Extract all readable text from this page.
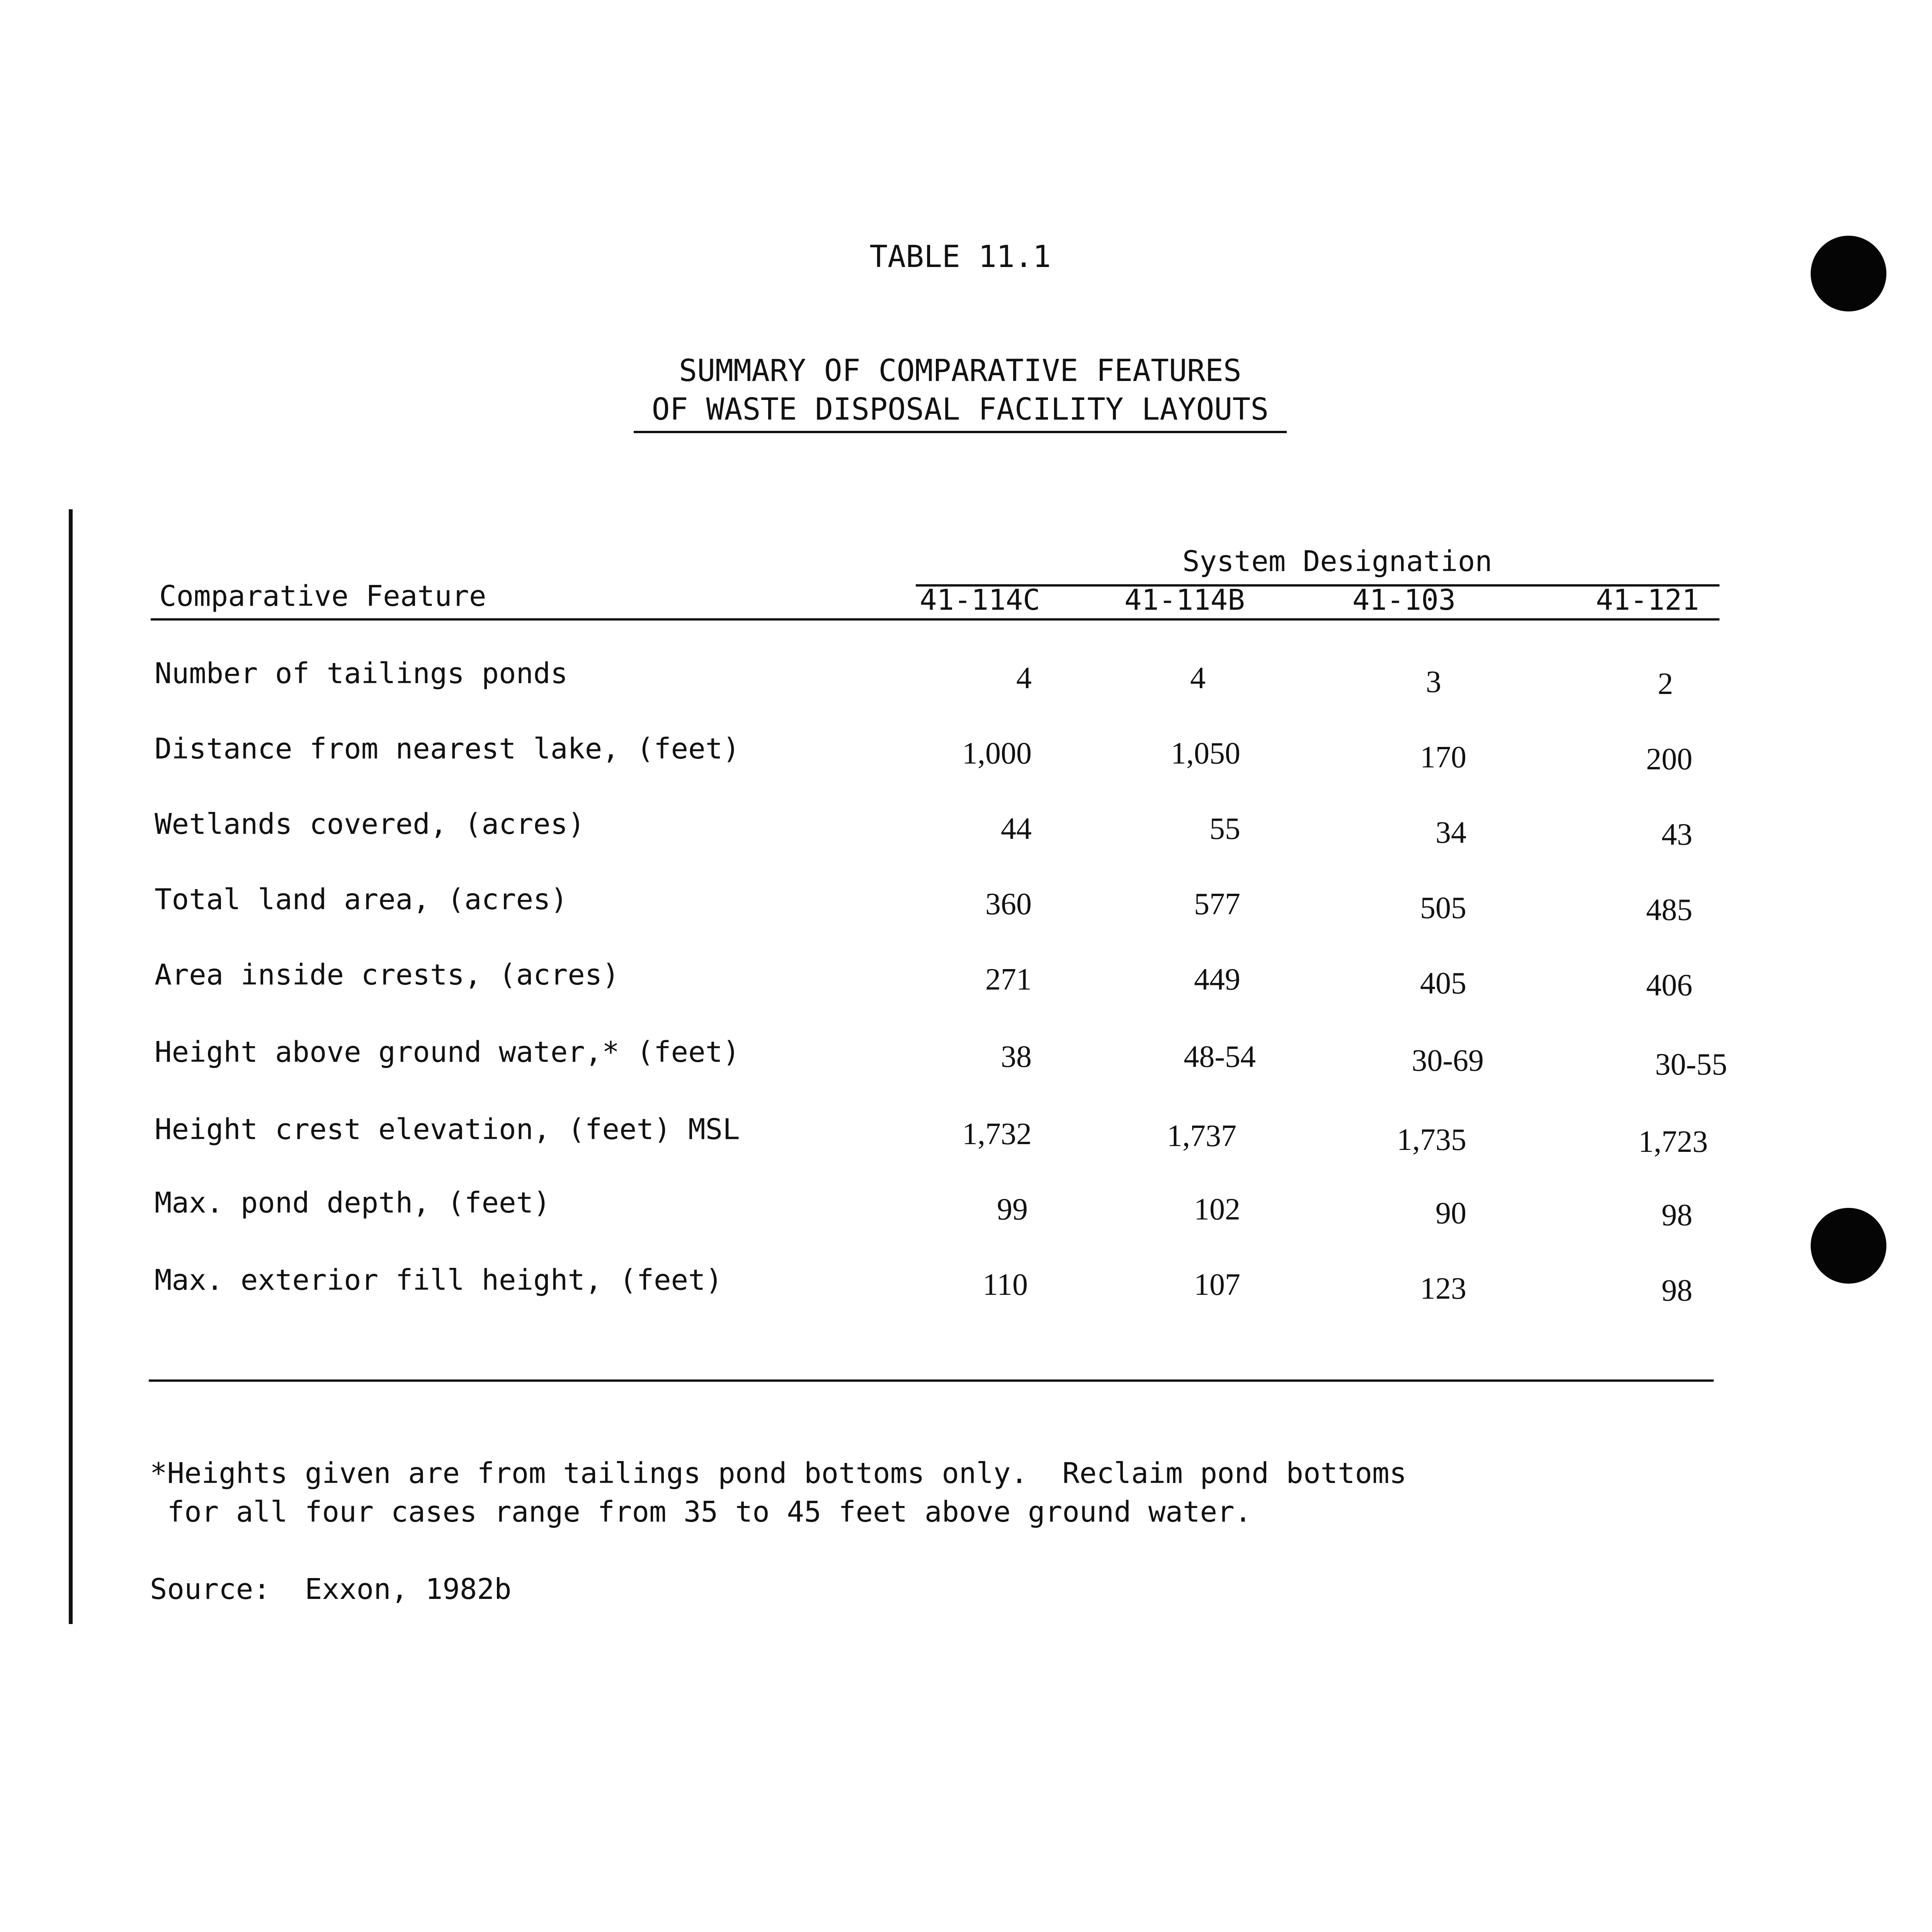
TABLE 11.1
SUMMARY OF COMPARATIVE FEATURES
OF WASTE DISPOSAL FACILITY LAYOUTS
System Designation
Comparative Feature	41-114C	41-114B	41-103	41-121
Number of tailings ponds	4	4	3	2
Distance from nearest lake, (feet)	1,000	1,050	170	200
Wetlands covered, (acres)	44	55	34	43
Total land area, (acres)	360	577	505	485
Area inside crests, (acres)	271	449	405	406
Height above ground water,* (feet)	38	48-54	30-69	30-55
Height crest elevation, (feet) MSL	1,732	1,737	1,735	1,723
Max. pond depth, (feet)	99	102	90	98
Max. exterior fill height, (feet)	110	107	123	98
*Heights given are from tailings pond bottoms only.  Reclaim pond bottoms
for all four cases range from 35 to 45 feet above ground water.
Source:  Exxon, 1982b
